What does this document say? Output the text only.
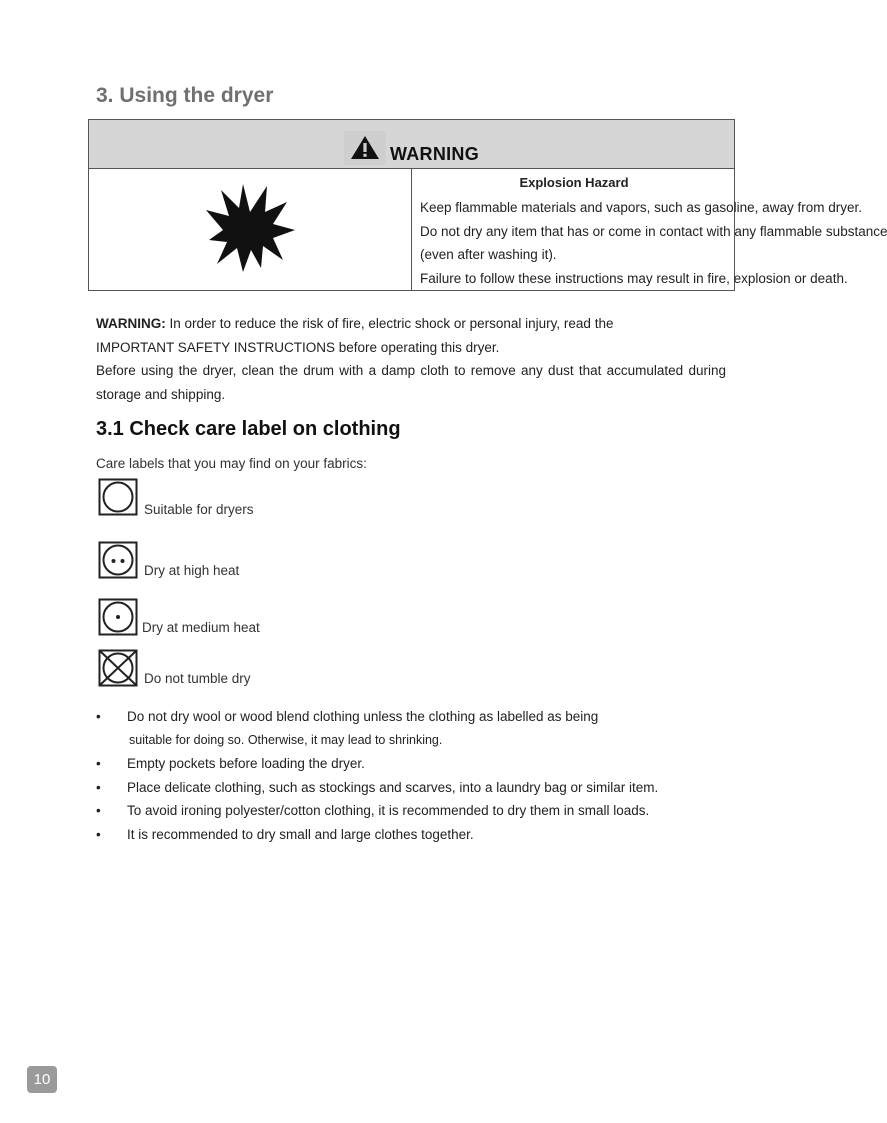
3. Using the dryer
WARNING

Explosion Hazard

Keep flammable materials and vapors, such as gasoline, away from dryer.

Do not dry any item that has or come in contact with any flammable substance

(even after washing it).

Failure to follow these instructions may result in fire, explosion or death.

WARNING: In order to reduce the risk of fire, electric shock or personal injury, read the
IMPORTANT SAFETY INSTRUCTIONS before operating this dryer.

Before using the dryer, clean the drum with a damp cloth to remove any dust that accumulated during storage and shipping.

3.1 Check care label on clothing

Care labels that you may find on your fabrics:

Suitable for dryers
Dry at high heat
Dry at medium heat
Do not tumble dry
• Do not dry wool or wood blend clothing unless the clothing as labelled as being
suitable for doing so. Otherwise, it may lead to shrinking.
• Empty pockets before loading the dryer.
• Place delicate clothing, such as stockings and scarves, into a laundry bag or similar item.
• To avoid ironing polyester/cotton clothing, it is recommended to dry them in small loads.
• It is recommended to dry small and large clothes together.
10
